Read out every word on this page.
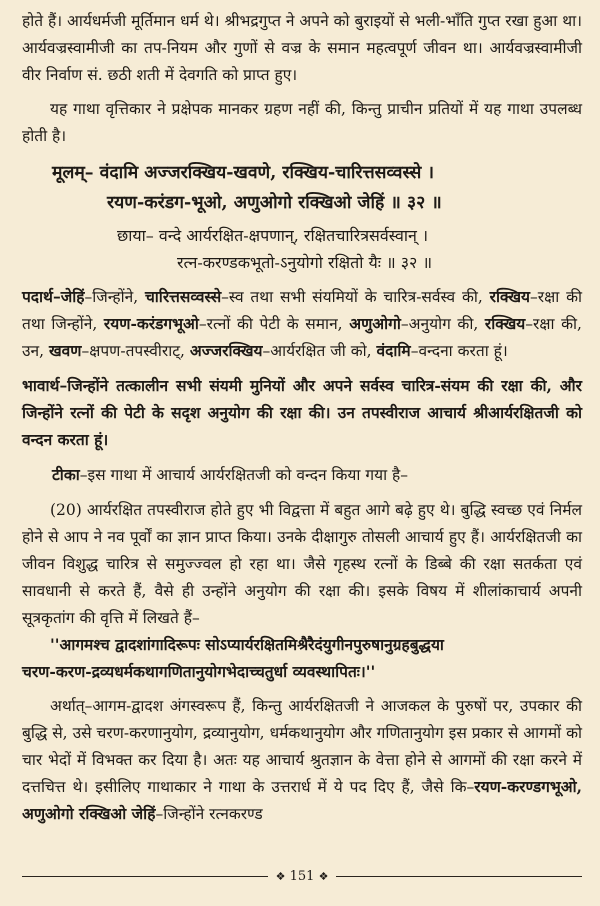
होते हैं। आर्यधर्मजी मूर्तिमान धर्म थे। श्रीभद्रगुप्त ने अपने को बुराइयों से भली-भाँति गुप्त रखा हुआ था। आर्यवज्रस्वामीजी का तप-नियम और गुणों से वज्र के समान महत्वपूर्ण जीवन था। आर्यवज्रस्वामीजी वीर निर्वाण सं. छठी शती में देवगति को प्राप्त हुए।

यह गाथा वृत्तिकार ने प्रक्षेपक मानकर ग्रहण नहीं की, किन्तु प्राचीन प्रतियों में यह गाथा उपलब्ध होती है।

मूलम्– वंदामि अज्जरक्खिय-खवणे, रक्खिय-चारित्तसव्वस्से ।
रयण-करंडग-भूओ, अणुओगो रक्खिओ जेहिं ॥ ३२ ॥
छाया– वन्दे आर्यरक्षित-क्षपणान्, रक्षितचारित्रसर्वस्वान् ।
रत्न-करण्डकभूतो-ऽनुयोगो रक्षितो यैः ॥ ३२ ॥

पदार्थ–जेहिं–जिन्होंने, चारित्तसव्वस्से–स्व तथा सभी संयमियों के चारित्र-सर्वस्व की, रक्खिय–रक्षा की तथा जिन्होंने, रयण-करंडगभूओ–रत्नों की पेटी के समान, अणुओगो–अनुयोग की, रक्खिय–रक्षा की, उन, खवण–क्षपण-तपस्वीराट्, अज्जरक्खिय–आर्यरक्षित जी को, वंदामि–वन्दना करता हूं।

भावार्थ–जिन्होंने तत्कालीन सभी संयमी मुनियों और अपने सर्वस्व चारित्र-संयम की रक्षा की, और जिन्होंने रत्नों की पेटी के सदृश अनुयोग की रक्षा की। उन तपस्वीराज आचार्य श्रीआर्यरक्षितजी को वन्दन करता हूं।

टीका–इस गाथा में आचार्य आर्यरक्षितजी को वन्दन किया गया है–

(20) आर्यरक्षित तपस्वीराज होते हुए भी विद्वत्ता में बहुत आगे बढ़े हुए थे। बुद्धि स्वच्छ एवं निर्मल होने से आप ने नव पूर्वों का ज्ञान प्राप्त किया। उनके दीक्षागुरु तोसली आचार्य हुए हैं। आर्यरक्षितजी का जीवन विशुद्ध चारित्र से समुज्ज्वल हो रहा था। जैसे गृहस्थ रत्नों के डिब्बे की रक्षा सतर्कता एवं सावधानी से करते हैं, वैसे ही उन्होंने अनुयोग की रक्षा की। इसके विषय में शीलांकाचार्य अपनी सूत्रकृतांग की वृत्ति में लिखते हैं–

''आगमश्च द्वादशांगादिरूपः सोऽप्यार्यरक्षितमिश्रैरैदंयुगीनपुरुषानुग्रहबुद्धया
चरण-करण-द्रव्यधर्मकथागणितानुयोगभेदाच्चतुर्धा व्यवस्थापितः।''

अर्थात्–आगम-द्वादश अंगस्वरूप हैं, किन्तु आर्यरक्षितजी ने आजकल के पुरुषों पर, उपकार की बुद्धि से, उसे चरण-करणानुयोग, द्रव्यानुयोग, धर्मकथानुयोग और गणितानुयोग इस प्रकार से आगमों को चार भेदों में विभक्त कर दिया है। अतः यह आचार्य श्रुतज्ञान के वेत्ता होने से आगमों की रक्षा करने में दत्तचित्त थे। इसीलिए गाथाकार ने गाथा के उत्तरार्ध में ये पद दिए हैं, जैसे कि–रयण-करण्डगभूओ, अणुओगो रक्खिओ जेहिं–जिन्होंने रत्नकरण्ड

❖ 151 ❖
